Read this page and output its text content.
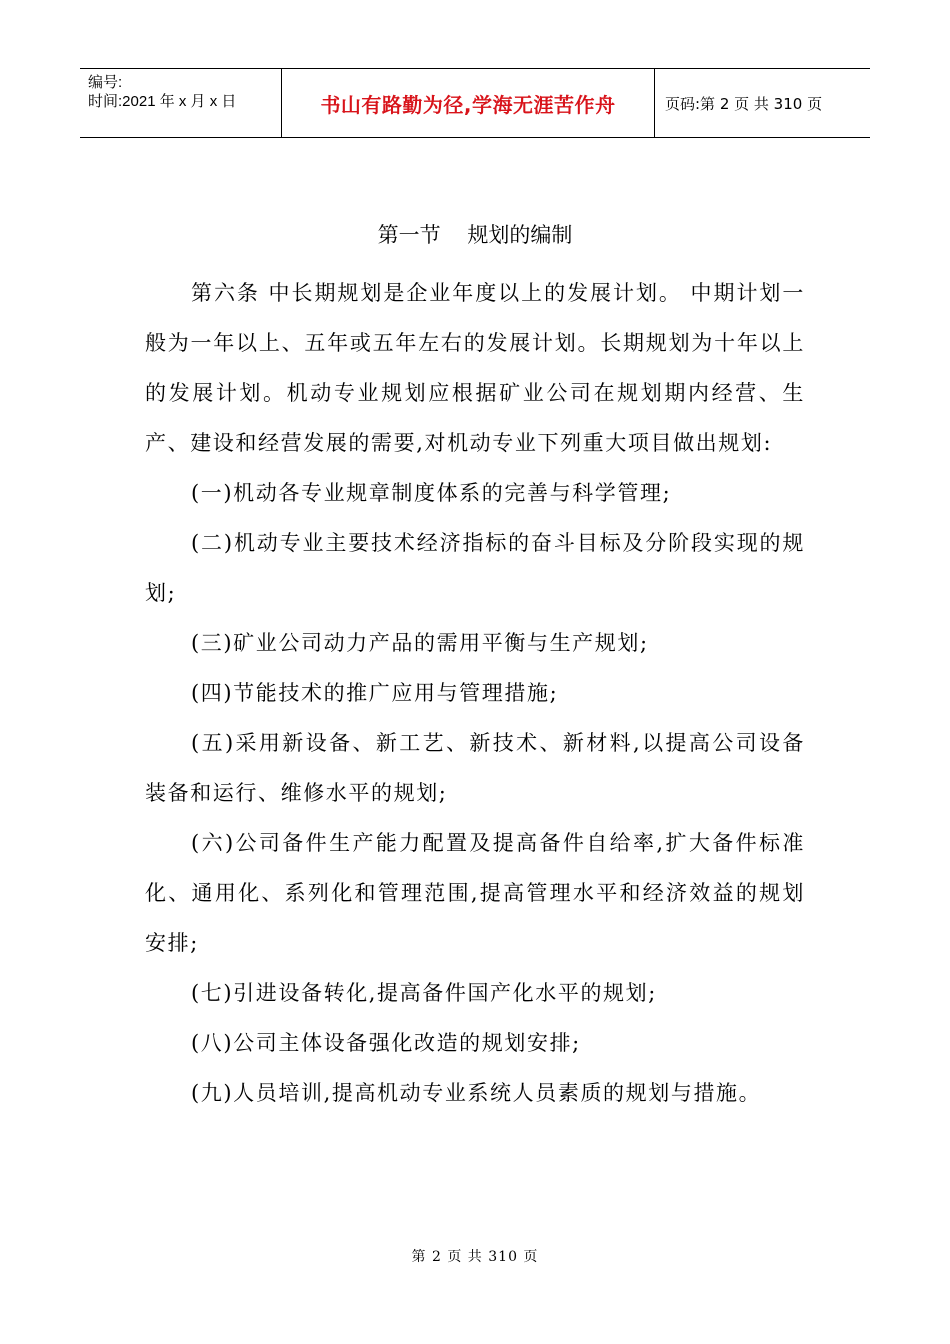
编号:
时间:2021 年 x 月 x 日	书山有路勤为径,学海无涯苦作舟	页码:第 2 页 共 310 页
第一节 规划的编制

第六条 中长期规划是企业年度以上的发展计划。 中期计划一般为一年以上、五年或五年左右的发展计划。长期规划为十年以上的发展计划。机动专业规划应根据矿业公司在规划期内经营、生产、建设和经营发展的需要,对机动专业下列重大项目做出规划:

(一)机动各专业规章制度体系的完善与科学管理;

(二)机动专业主要技术经济指标的奋斗目标及分阶段实现的规划;

(三)矿业公司动力产品的需用平衡与生产规划;

(四)节能技术的推广应用与管理措施;

(五)采用新设备、新工艺、新技术、新材料,以提高公司设备装备和运行、维修水平的规划;

(六)公司备件生产能力配置及提高备件自给率,扩大备件标准化、通用化、系列化和管理范围,提高管理水平和经济效益的规划安排;

(七)引进设备转化,提高备件国产化水平的规划;

(八)公司主体设备强化改造的规划安排;

(九)人员培训,提高机动专业系统人员素质的规划与措施。

第 2 页 共 310 页
